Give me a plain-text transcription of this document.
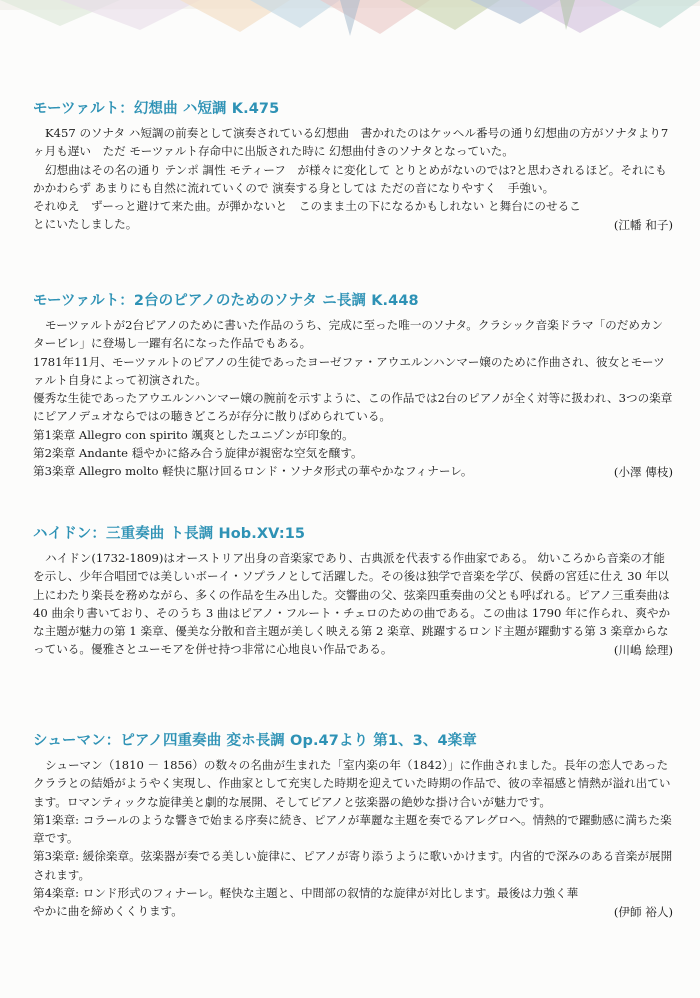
モーツァルト：幻想曲 ハ短調 K.475

K457 のソナタ ハ短調の前奏として演奏されている幻想曲　書かれたのはケッヘル番号の通り幻想曲の方がソナタより7ヶ月も遅い　ただ モーツァルト存命中に出版された時に 幻想曲付きのソナタとなっていた。

幻想曲はその名の通り テンポ 調性 モティーフ　が様々に変化して とりとめがないのでは?と思わされるほど。それにもかかわらず あまりにも自然に流れていくので 演奏する身としては ただの音になりやすく　手強い。

それゆえ　ずーっと避けて来た曲。が弾かないと　このまま土の下になるかもしれない と舞台にのせることにいたしました。	(江幡 和子)
モーツァルト：2台のピアノのためのソナタ ニ長調 K.448

モーツァルトが2台ピアノのために書いた作品のうち、完成に至った唯一のソナタ。クラシック音楽ドラマ「のだめカンタービレ」に登場し一躍有名になった作品でもある。

1781年11月、モーツァルトのピアノの生徒であったヨーゼファ・アウエルンハンマー嬢のために作曲され、彼女とモーツァルト自身によって初演された。

優秀な生徒であったアウエルンハンマー嬢の腕前を示すように、この作品では2台のピアノが全く対等に扱われ、3つの楽章にピアノデュオならではの聴きどころが存分に散りばめられている。

第1楽章 Allegro con spirito 颯爽としたユニゾンが印象的。

第2楽章 Andante 穏やかに絡み合う旋律が親密な空気を醸す。

第3楽章 Allegro molto 軽快に駆け回るロンド・ソナタ形式の華やかなフィナーレ。	(小澤 傳枝)
ハイドン：三重奏曲 ト長調 Hob.XV:15

ハイドン(1732-1809)はオーストリア出身の音楽家であり、古典派を代表する作曲家である。 幼いころから音楽の才能を示し、少年合唱団では美しいボーイ・ソプラノとして活躍した。その後は独学で音楽を学び、侯爵の宮廷に仕え 30 年以上にわたり楽長を務めながら、多くの作品を生み出した。交響曲の父、弦楽四重奏曲の父とも呼ばれる。ピアノ三重奏曲は 40 曲余り書いており、そのうち 3 曲はピアノ・フルート・チェロのための曲である。この曲は 1790 年に作られ、爽やかな主題が魅力の第 1 楽章、優美な分散和音主題が美しく映える第 2 楽章、跳躍するロンド主題が躍動する第 3 楽章からなっている。優雅さとユーモアを併せ持つ非常に心地良い作品である。	(川嶋 絵理)
シューマン：ピアノ四重奏曲 変ホ長調 Op.47より 第1、3、4楽章

シューマン（1810 － 1856）の数々の名曲が生まれた「室内楽の年（1842）」に作曲されました。長年の恋人であったクララとの結婚がようやく実現し、作曲家として充実した時期を迎えていた時期の作品で、彼の幸福感と情熱が溢れ出ています。ロマンティックな旋律美と劇的な展開、そしてピアノと弦楽器の絶妙な掛け合いが魅力です。

第1楽章: コラールのような響きで始まる序奏に続き、ピアノが華麗な主題を奏でるアレグロへ。情熱的で躍動感に満ちた楽章です。

第3楽章: 緩徐楽章。弦楽器が奏でる美しい旋律に、ピアノが寄り添うように歌いかけます。内省的で深みのある音楽が展開されます。

第4楽章: ロンド形式のフィナーレ。軽快な主題と、中間部の叙情的な旋律が対比します。最後は力強く華やかに曲を締めくくります。	(伊師 裕人)
